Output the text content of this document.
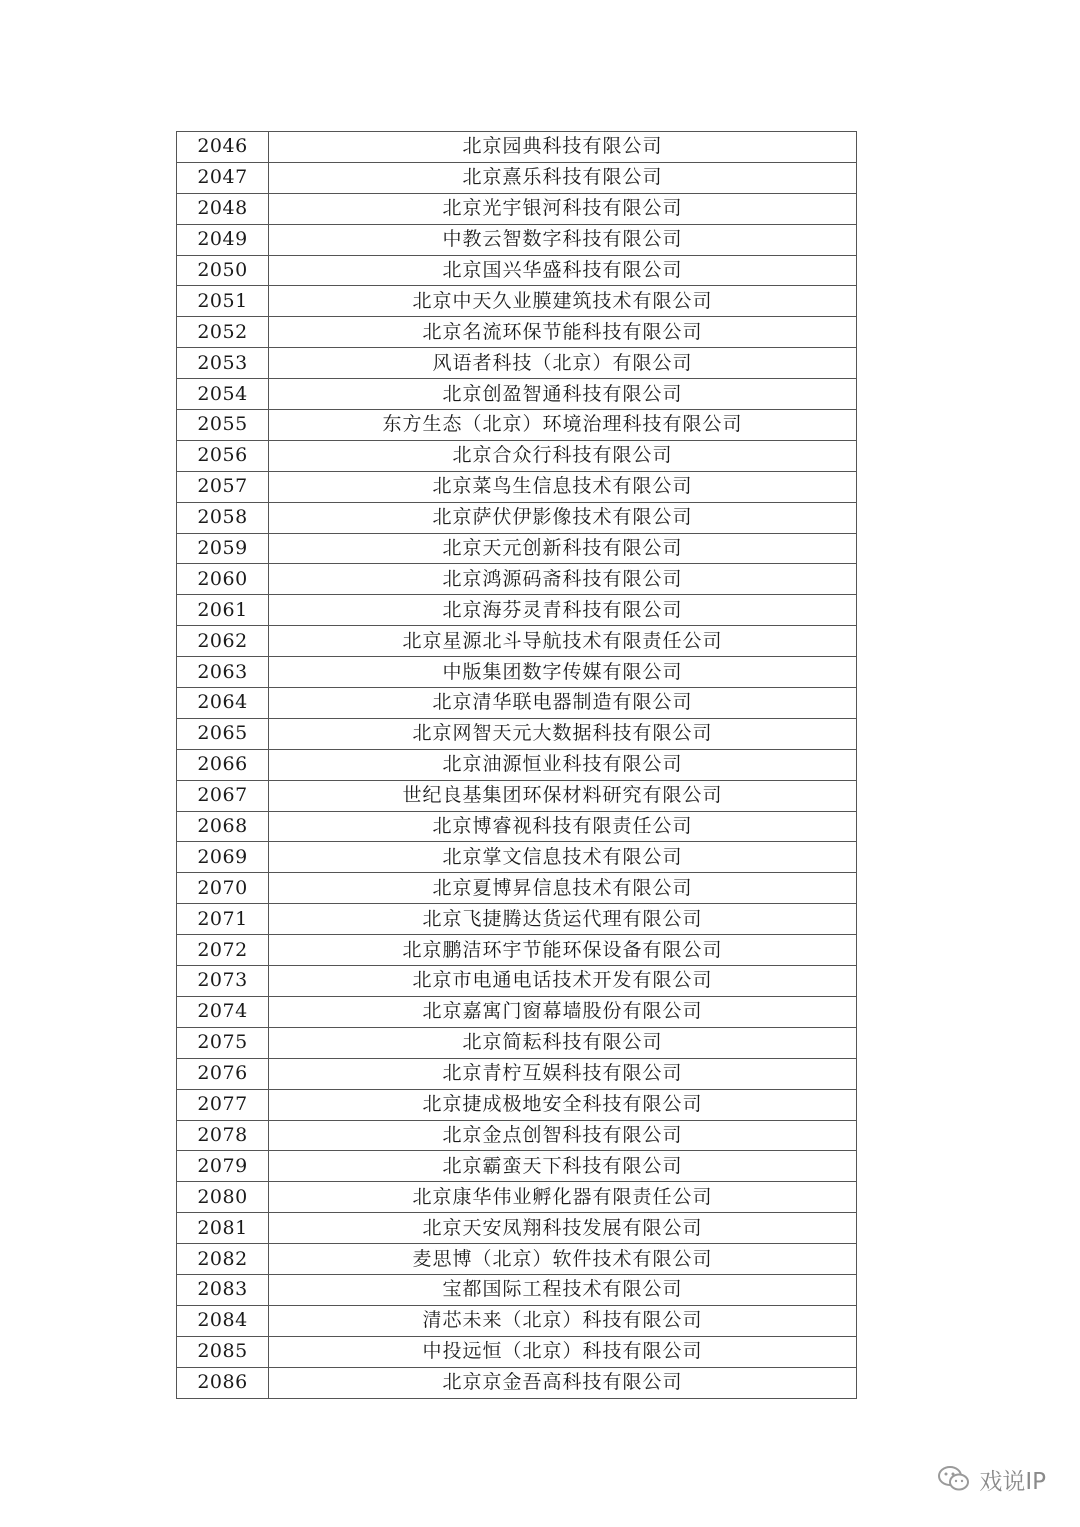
2046	北京园典科技有限公司
2047	北京熹乐科技有限公司
2048	北京光宇银河科技有限公司
2049	中教云智数字科技有限公司
2050	北京国兴华盛科技有限公司
2051	北京中天久业膜建筑技术有限公司
2052	北京名流环保节能科技有限公司
2053	风语者科技（北京）有限公司
2054	北京创盈智通科技有限公司
2055	东方生态（北京）环境治理科技有限公司
2056	北京合众行科技有限公司
2057	北京菜鸟生信息技术有限公司
2058	北京萨伏伊影像技术有限公司
2059	北京天元创新科技有限公司
2060	北京鸿源码斋科技有限公司
2061	北京海芬灵青科技有限公司
2062	北京星源北斗导航技术有限责任公司
2063	中版集团数字传媒有限公司
2064	北京清华联电器制造有限公司
2065	北京网智天元大数据科技有限公司
2066	北京油源恒业科技有限公司
2067	世纪良基集团环保材料研究有限公司
2068	北京博睿视科技有限责任公司
2069	北京掌文信息技术有限公司
2070	北京夏博昇信息技术有限公司
2071	北京飞捷腾达货运代理有限公司
2072	北京鹏洁环宇节能环保设备有限公司
2073	北京市电通电话技术开发有限公司
2074	北京嘉寓门窗幕墙股份有限公司
2075	北京简耘科技有限公司
2076	北京青柠互娱科技有限公司
2077	北京捷成极地安全科技有限公司
2078	北京金点创智科技有限公司
2079	北京霸蛮天下科技有限公司
2080	北京康华伟业孵化器有限责任公司
2081	北京天安凤翔科技发展有限公司
2082	麦思博（北京）软件技术有限公司
2083	宝都国际工程技术有限公司
2084	清芯未来（北京）科技有限公司
2085	中投远恒（北京）科技有限公司
2086	北京京金吾高科技有限公司
戏说IP
